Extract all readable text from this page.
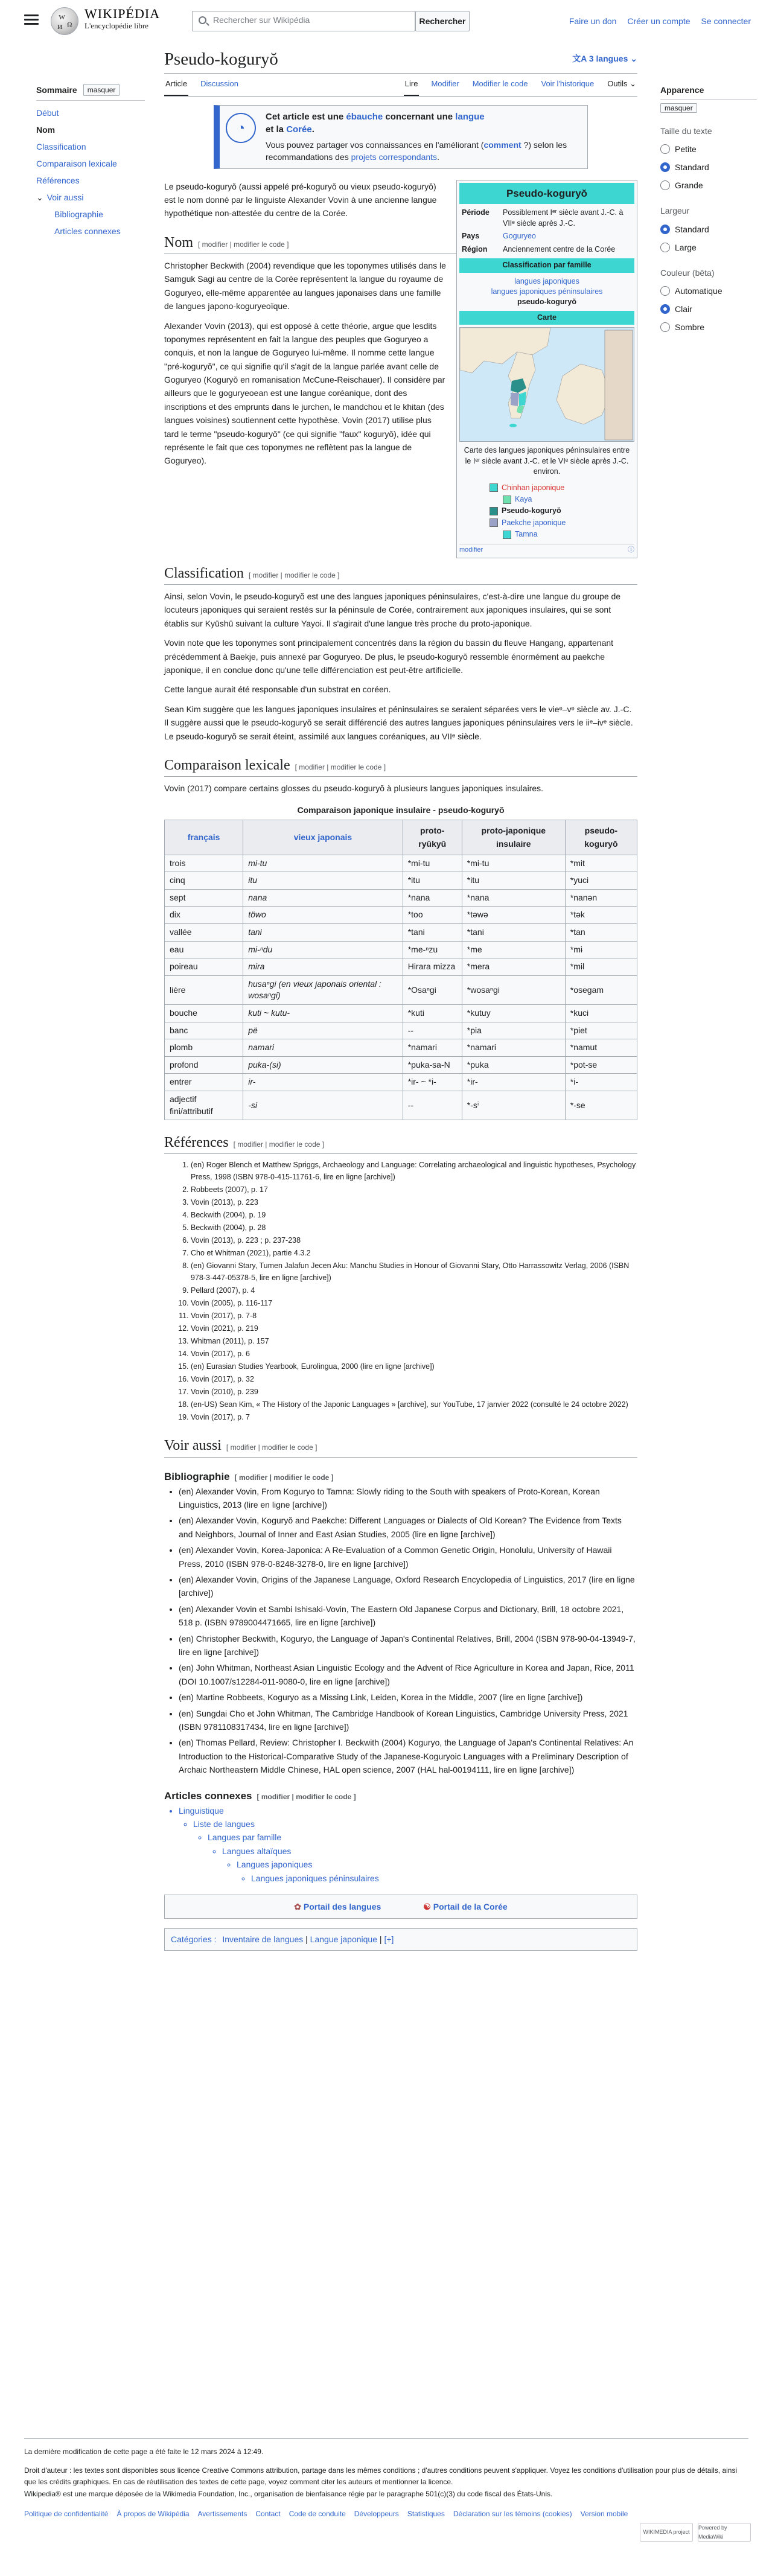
W
Ω
И
WIKIPÉDIA
L'encyclopédie libre
Rechercher sur Wikipédia	Rechercher	Faire un don Créer un compte Se connecter
Sommaire	masquer
Début
Nom
Classification
Comparaison lexicale
Références
⌄ Voir aussi
Bibliographie
Articles connexes
Apparence
masquer
Taille du texte
Petite
Standard
Grande
Largeur
Standard
Large
Couleur (bêta)
Automatique
Clair
Sombre
Pseudo-koguryŏ	文A 3 langues ⌄
Article Discussion	Lire Modifier Modifier le code Voir l'historique Outils ⌄
◔
Cet article est une ébauche concernant une langue
et la Corée.
Vous pouvez partager vos connaissances en l'améliorant (comment ?) selon les recommandations des projets correspondants.
Pseudo-koguryŏ
Période	Possiblement Iᵉʳ siècle avant J.-C. à VIIᵉ siècle après J.-C.
Pays	Goguryeo
Région	Anciennement centre de la Corée
Classification par famille
langues japoniques
langues japoniques péninsulaires
pseudo-koguryŏ
Carte
Carte des langues japoniques péninsulaires entre le Iᵉʳ siècle avant J.-C. et le VIᵉ siècle après J.-C. environ.
Chinhan japonique
Kaya
Pseudo-koguryŏ
Paekche japonique
Tamna
modifier	ⓘ

Le pseudo-koguryŏ (aussi appelé pré-koguryŏ ou vieux pseudo-koguryŏ) est le nom donné par le linguiste Alexander Vovin à une ancienne langue hypothétique non-attestée du centre de la Corée.

Nom [ modifier | modifier le code ]

Christopher Beckwith (2004) revendique que les toponymes utilisés dans le Samguk Sagi au centre de la Corée représentent la langue du royaume de Goguryeo, elle-même apparentée au langues japonaises dans une famille de langues japono-koguryeoïque.

Alexander Vovin (2013), qui est opposé à cette théorie, argue que lesdits toponymes représentent en fait la langue des peuples que Goguryeo a conquis, et non la langue de Goguryeo lui-même. Il nomme cette langue "pré-koguryŏ", ce qui signifie qu'il s'agit de la langue parlée avant celle de Goguryeo (Koguryŏ en romanisation McCune-Reischauer). Il considère par ailleurs que le goguryeoean est une langue coréanique, dont des inscriptions et des emprunts dans le jurchen, le mandchou et le khitan (des langues voisines) soutiennent cette hypothèse. Vovin (2017) utilise plus tard le terme "pseudo-koguryŏ" (ce qui signifie "faux" koguryŏ), idée qui représente le fait que ces toponymes ne reflètent pas la langue de Goguryeo).

Classification [ modifier | modifier le code ]

Ainsi, selon Vovin, le pseudo-koguryŏ est une des langues japoniques péninsulaires, c'est-à-dire une langue du groupe de locuteurs japoniques qui seraient restés sur la péninsule de Corée, contrairement aux japoniques insulaires, qui se sont établis sur Kyūshū suivant la culture Yayoi. Il s'agirait d'une langue très proche du proto-japonique.

Vovin note que les toponymes sont principalement concentrés dans la région du bassin du fleuve Hangang, appartenant précédemment à Baekje, puis annexé par Goguryeo. De plus, le pseudo-koguryŏ ressemble énormément au paekche japonique, il en conclue donc qu'une telle différenciation est peut-être artificielle.

Cette langue aurait été responsable d'un substrat en coréen.

Sean Kim suggère que les langues japoniques insulaires et péninsulaires se seraient séparées vers le vieᵉ–vᵉ siècle av. J.-C. Il suggère aussi que le pseudo-koguryŏ se serait différencié des autres langues japoniques péninsulaires vers le iiᵉ–ivᵉ siècle. Le pseudo-koguryŏ se serait éteint, assimilé aux langues coréaniques, au VIIᵉ siècle.

Comparaison lexicale [ modifier | modifier le code ]

Vovin (2017) compare certains glosses du pseudo-koguryŏ à plusieurs langues japoniques insulaires.

Comparaison japonique insulaire - pseudo-koguryŏ
français	vieux japonais	proto-ryūkyū	proto-japonique insulaire	pseudo-koguryŏ
trois	mi-tu	*mi-tu	*mi-tu	*mit
cinq	itu	*itu	*itu	*yuci
sept	nana	*nana	*nana	*nanən
dix	töwo	*too	*təwə	*tək
vallée	tani	*tani	*tani	*tan
eau	mi-ⁿdu	*me-ⁿzu	*me	*mɨ
poireau	mira	Hirara mizza	*mera	*mɨl
lière	husaⁿgi (en vieux japonais oriental : wosaⁿgi)	*Osaⁿgi	*wosaⁿgi	*osegam
bouche	kuti ~ kutu-	*kuti	*kutuy	*kuci
banc	pë	--	*pia	*piet
plomb	namari	*namari	*namari	*namut
profond	puka-(si)	*puka-sa-N	*puka	*pot-se
entrer	ir-	*ir- ~ *i-	*ir-	*i-
adjectif fini/attributif	-si	--	*-sⁱ	*-se
Références [ modifier | modifier le code ]
1. (en) Roger Blench et Matthew Spriggs, Archaeology and Language: Correlating archaeological and linguistic hypotheses, Psychology Press, 1998 (ISBN 978-0-415-11761-6, lire en ligne [archive])
2. Robbeets (2007), p. 17
3. Vovin (2013), p. 223
4. Beckwith (2004), p. 19
5. Beckwith (2004), p. 28
6. Vovin (2013), p. 223 ; p. 237-238
7. Cho et Whitman (2021), partie 4.3.2
8. (en) Giovanni Stary, Tumen Jalafun Jecen Aku: Manchu Studies in Honour of Giovanni Stary, Otto Harrassowitz Verlag, 2006 (ISBN 978-3-447-05378-5, lire en ligne [archive])
9. Pellard (2007), p. 4
10. Vovin (2005), p. 116-117
11. Vovin (2017), p. 7-8
12. Vovin (2021), p. 219
13. Whitman (2011), p. 157
14. Vovin (2017), p. 6
15. (en) Eurasian Studies Yearbook, Eurolingua, 2000 (lire en ligne [archive])
16. Vovin (2017), p. 32
17. Vovin (2010), p. 239
18. (en-US) Sean Kim, « The History of the Japonic Languages » [archive], sur YouTube, 17 janvier 2022 (consulté le 24 octobre 2022)
19. Vovin (2017), p. 7
Voir aussi [ modifier | modifier le code ]
Bibliographie [ modifier | modifier le code ]
• (en) Alexander Vovin, From Koguryo to Tamna: Slowly riding to the South with speakers of Proto-Korean, Korean Linguistics, 2013 (lire en ligne [archive])
• (en) Alexander Vovin, Koguryŏ and Paekche: Different Languages or Dialects of Old Korean? The Evidence from Texts and Neighbors, Journal of Inner and East Asian Studies, 2005 (lire en ligne [archive])
• (en) Alexander Vovin, Korea-Japonica: A Re-Evaluation of a Common Genetic Origin, Honolulu, University of Hawaii Press, 2010 (ISBN 978-0-8248-3278-0, lire en ligne [archive])
• (en) Alexander Vovin, Origins of the Japanese Language, Oxford Research Encyclopedia of Linguistics, 2017 (lire en ligne [archive])
• (en) Alexander Vovin et Sambi Ishisaki-Vovin, The Eastern Old Japanese Corpus and Dictionary, Brill, 18 octobre 2021, 518 p. (ISBN 9789004471665, lire en ligne [archive])
• (en) Christopher Beckwith, Koguryo, the Language of Japan's Continental Relatives, Brill, 2004 (ISBN 978-90-04-13949-7, lire en ligne [archive])
• (en) John Whitman, Northeast Asian Linguistic Ecology and the Advent of Rice Agriculture in Korea and Japan, Rice, 2011 (DOI 10.1007/s12284-011-9080-0, lire en ligne [archive])
• (en) Martine Robbeets, Koguryo as a Missing Link, Leiden, Korea in the Middle, 2007 (lire en ligne [archive])
• (en) Sungdai Cho et John Whitman, The Cambridge Handbook of Korean Linguistics, Cambridge University Press, 2021 (ISBN 9781108317434, lire en ligne [archive])
• (en) Thomas Pellard, Review: Christopher I. Beckwith (2004) Koguryo, the Language of Japan's Continental Relatives: An Introduction to the Historical-Comparative Study of the Japanese-Koguryoic Languages with a Preliminary Description of Archaic Northeastern Middle Chinese, HAL open science, 2007 (HAL hal-00194111, lire en ligne [archive])
Articles connexes [ modifier | modifier le code ]
• Linguistique
◦ Liste de langues
◦ Langues par famille
◦ Langues altaïques
◦ Langues japoniques
◦ Langues japoniques péninsulaires
✿ Portail des langues	☯ Portail de la Corée
Catégories : Inventaire de langues | Langue japonique | [+]
La dernière modification de cette page a été faite le 12 mars 2024 à 12:49.
Droit d'auteur : les textes sont disponibles sous licence Creative Commons attribution, partage dans les mêmes conditions ; d'autres conditions peuvent s'appliquer. Voyez les conditions d'utilisation pour plus de détails, ainsi que les crédits graphiques. En cas de réutilisation des textes de cette page, voyez comment citer les auteurs et mentionner la licence.
Wikipedia® est une marque déposée de la Wikimedia Foundation, Inc., organisation de bienfaisance régie par le paragraphe 501(c)(3) du code fiscal des États-Unis.
Politique de confidentialité À propos de Wikipédia Avertissements Contact Code de conduite Développeurs Statistiques Déclaration sur les témoins (cookies) Version mobile
WIKIMEDIA project
Powered by MediaWiki
